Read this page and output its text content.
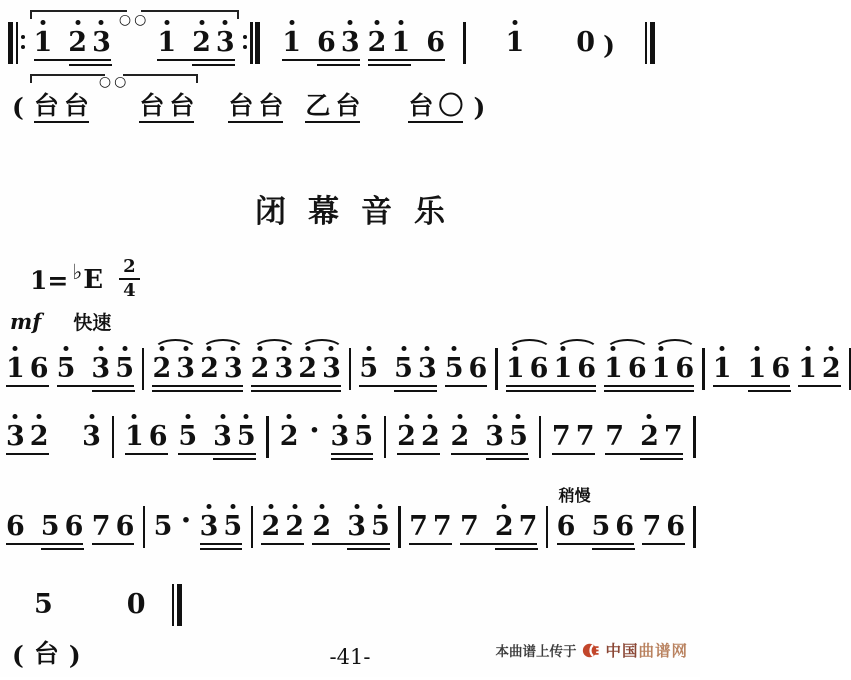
1 2 3
○○
1 2 3 1 6 3 2 1 6 1 0 )
( 台 台
○○
台 台 台 台 乙 台 台 〇 )
闭幕音乐
1= ♭ E 2
4
mf 快速
1 6 5 3 5 2 3 2 3 2 3 2 3 5 5 3 5 6 1 6 1 6 1 6 1 6 1 1 6 1 2
3 2 3 1 6 5 3 5 2 · 3 5 2 2 2 3 5 7 7 7 2 7
6 5 6 7 6 5 · 3 5 2 2 2 3 5 7 7 7 2 7
稍慢
6 5 6 7 6
5	0
( 台 )	-41-	本曲谱上传于 中国曲谱网
